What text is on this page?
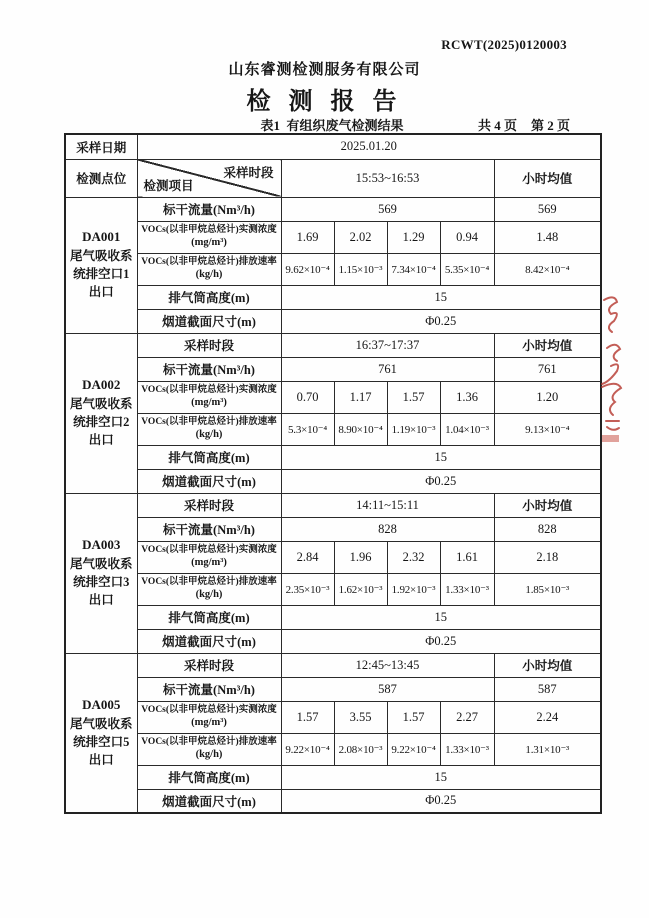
RCWT(2025)0120003
山东睿测检测服务有限公司
检 测 报 告
表1  有组织废气检测结果	共 4 页 第 2 页
采样日期	2025.01.20					
检测点位	采样时段
检测项目	15:53~16:53				小时均值

DA001
尾气吸收系统排空口1出口	标干流量(Nm³/h)	569				569

	VOCs(以非甲烷总烃计)实测浓度
(mg/m³)	1.69	2.02	1.29	0.94	1.48

	VOCs(以非甲烷总烃计)排放速率
(kg/h)	9.62×10⁻⁴	1.15×10⁻³	7.34×10⁻⁴	5.35×10⁻⁴	8.42×10⁻⁴
	排气筒高度(m)	15				
	烟道截面尺寸(m)	Φ0.25				

DA002
尾气吸收系统排空口2出口	采样时段	16:37~17:37				小时均值
	标干流量(Nm³/h)	761				761

	VOCs(以非甲烷总烃计)实测浓度
(mg/m³)	0.70	1.17	1.57	1.36	1.20

	VOCs(以非甲烷总烃计)排放速率
(kg/h)	5.3×10⁻⁴	8.90×10⁻⁴	1.19×10⁻³	1.04×10⁻³	9.13×10⁻⁴
	排气筒高度(m)	15				
	烟道截面尺寸(m)	Φ0.25				

DA003
尾气吸收系统排空口3出口	采样时段	14:11~15:11				小时均值
	标干流量(Nm³/h)	828				828

	VOCs(以非甲烷总烃计)实测浓度
(mg/m³)	2.84	1.96	2.32	1.61	2.18

	VOCs(以非甲烷总烃计)排放速率
(kg/h)	2.35×10⁻³	1.62×10⁻³	1.92×10⁻³	1.33×10⁻³	1.85×10⁻³
	排气筒高度(m)	15				
	烟道截面尺寸(m)	Φ0.25				

DA005
尾气吸收系统排空口5出口	采样时段	12:45~13:45				小时均值
	标干流量(Nm³/h)	587				587

	VOCs(以非甲烷总烃计)实测浓度
(mg/m³)	1.57	3.55	1.57	2.27	2.24

	VOCs(以非甲烷总烃计)排放速率
(kg/h)	9.22×10⁻⁴	2.08×10⁻³	9.22×10⁻⁴	1.33×10⁻³	1.31×10⁻³
	排气筒高度(m)	15				
	烟道截面尺寸(m)	Φ0.25				
